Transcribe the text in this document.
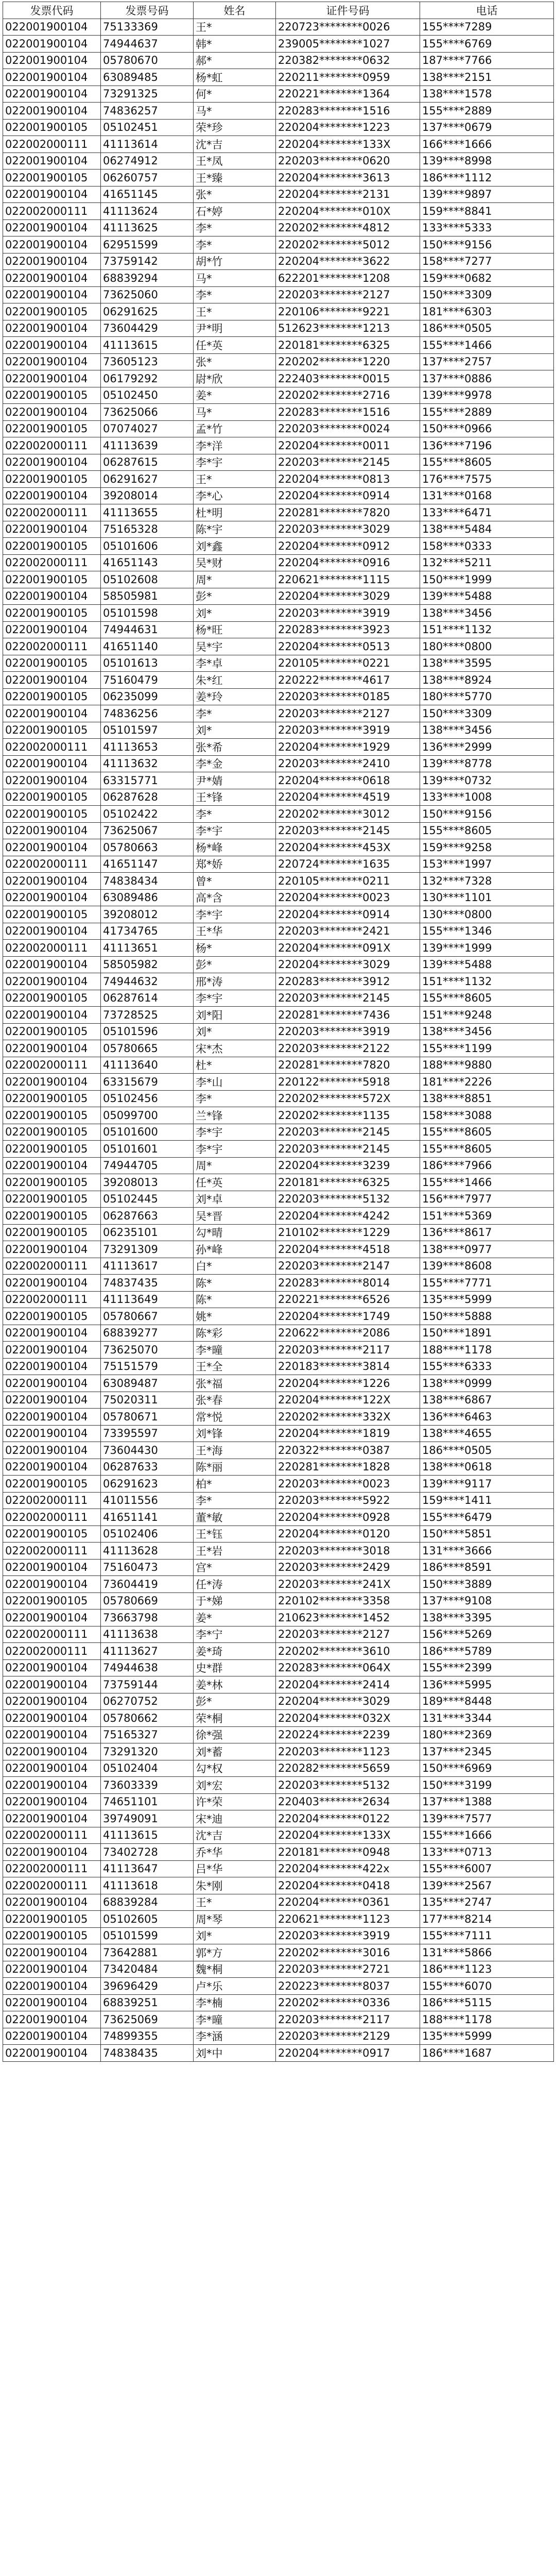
发票代码	发票号码	姓名	证件号码	电话
022001900104	75133369	王*	220723********0026	155****7289
022001900104	74944637	韩*	239005********1027	155****6769
022001900104	05780670	郝*	220382********0632	187****7766
022001900104	63089485	杨*虹	220211********0959	138****2151
022001900104	73291325	何*	220221********1364	138****1578
022001900104	74836257	马*	220283********1516	155****2889
022001900105	05102451	荣*珍	220204********1223	137****0679
022002000111	41113614	沈*吉	220204********133X	166****1666
022001900104	06274912	王*凤	220203********0620	139****8998
022001900105	06260757	王*臻	220204********3613	186****1112
022001900104	41651145	张*	220204********2131	139****9897
022002000111	41113624	石*婷	220204********010X	159****8841
022001900104	41113625	李*	220202********4812	133****5333
022001900104	62951599	李*	220202********5012	150****9156
022001900104	73759142	胡*竹	220204********3622	158****7277
022001900104	68839294	马*	622201********1208	159****0682
022001900104	73625060	李*	220203********2127	150****3309
022001900105	06291625	王*	220106********9221	181****6303
022001900104	73604429	尹*明	512623********1213	186****0505
022001900104	41113615	任*英	220181********6325	155****1466
022001900104	73605123	张*	220202********1220	137****2757
022001900104	06179292	尉*欣	222403********0015	137****0886
022001900105	05102450	姜*	220202********2716	139****9978
022001900104	73625066	马*	220283********1516	155****2889
022001900105	07074027	孟*竹	220203********0024	150****0966
022002000111	41113639	李*洋	220204********0011	136****7196
022001900104	06287615	李*宇	220203********2145	155****8605
022001900105	06291627	王*	220204********0813	176****7575
022001900104	39208014	李*心	220204********0914	131****0168
022002000111	41113655	杜*明	220281********7820	133****6471
022001900104	75165328	陈*宇	220203********3029	138****5484
022001900105	05101606	刘*鑫	220204********0912	158****0333
022002000111	41651143	吴*财	220204********0916	132****5211
022001900105	05102608	周*	220621********1115	150****1999
022001900104	58505981	彭*	220204********3029	139****5488
022001900105	05101598	刘*	220203********3919	138****3456
022001900104	74944631	杨*旺	220283********3923	151****1132
022002000111	41651140	吴*宇	220204********0513	180****0800
022001900105	05101613	李*卓	220105********0221	138****3595
022001900104	75160479	朱*红	220222********4617	138****8924
022001900105	06235099	姜*玲	220203********0185	180****5770
022001900104	74836256	李*	220203********2127	150****3309
022001900105	05101597	刘*	220203********3919	138****3456
022002000111	41113653	张*希	220204********1929	136****2999
022001900104	41113632	李*金	220203********2410	139****8778
022001900104	63315771	尹*婧	220204********0618	139****0732
022001900105	06287628	王*锋	220204********4519	133****1008
022001900105	05102422	李*	220202********3012	150****9156
022001900104	73625067	李*宇	220203********2145	155****8605
022001900104	05780663	杨*峰	220204********453X	159****9258
022002000111	41651147	郑*娇	220724********1635	153****1997
022001900104	74838434	曾*	220105********0211	132****7328
022001900104	63089486	高*含	220204********0023	130****1101
022001900105	39208012	李*宇	220204********0914	130****0800
022001900104	41734765	王*华	220203********2421	155****1346
022002000111	41113651	杨*	220204********091X	139****1999
022001900104	58505982	彭*	220204********3029	139****5488
022001900104	74944632	邢*涛	220283********3912	151****1132
022001900105	06287614	李*宇	220203********2145	155****8605
022001900104	73728525	刘*阳	220281********7436	151****9248
022001900105	05101596	刘*	220203********3919	138****3456
022001900104	05780665	宋*杰	220203********2122	155****1199
022002000111	41113640	杜*	220281********7820	188****9880
022001900104	63315679	李*山	220122********5918	181****2226
022001900105	05102456	李*	220202********572X	138****8851
022001900105	05099700	兰*锋	220202********1135	158****3088
022001900105	05101600	李*宇	220203********2145	155****8605
022001900105	05101601	李*宇	220203********2145	155****8605
022001900104	74944705	周*	220204********3239	186****7966
022001900105	39208013	任*英	220181********6325	155****1466
022001900105	05102445	刘*卓	220203********5132	156****7977
022001900105	06287663	吴*晋	220204********4242	151****5369
022001900105	06235101	勾*晴	210102********1229	136****8617
022001900104	73291309	孙*峰	220204********4518	138****0977
022002000111	41113617	白*	220203********2147	139****8608
022001900104	74837435	陈*	220283********8014	155****7771
022002000111	41113649	陈*	220221********6526	135****5999
022001900105	05780667	姚*	220204********1749	150****5888
022001900104	68839277	陈*彩	220622********2086	150****1891
022001900104	73625070	李*曈	220203********2117	188****1178
022001900104	75151579	王*全	220183********3814	155****6333
022001900104	63089487	张*福	220204********1226	138****0999
022001900104	75020311	张*春	220204********122X	138****6867
022001900104	05780671	常*悦	220202********332X	136****6463
022001900104	73395597	刘*锋	220204********1819	138****4655
022001900104	73604430	王*海	220322********0387	186****0505
022001900104	06287633	陈*丽	220281********1828	138****0618
022001900105	06291623	柏*	220203********0023	139****9117
022002000111	41011556	李*	220203********5922	159****1411
022002000111	41651141	董*敏	220204********0928	155****6479
022001900105	05102406	王*钰	220204********0120	150****5851
022002000111	41113628	王*岩	220203********3018	131****3666
022001900104	75160473	宫*	220203********2429	186****8591
022001900104	73604419	任*涛	220203********241X	150****3889
022001900105	05780669	于*娣	220102********3358	137****9108
022001900104	73663798	姜*	210623********1452	138****3395
022002000111	41113638	李*宁	220203********2127	156****5269
022002000111	41113627	姜*琦	220202********3610	186****5789
022001900104	74944638	史*群	220283********064X	155****2399
022001900104	73759144	姜*林	220204********2414	136****5995
022001900104	06270752	彭*	220204********3029	189****8448
022001900104	05780662	荣*桐	220204********032X	131****3344
022001900104	75165327	徐*强	220224********2239	180****2369
022001900104	73291320	刘*蓄	220203********1123	137****2345
022001900104	05102404	勾*权	220282********5659	150****6969
022001900104	73603339	刘*宏	220203********5132	150****3199
022001900104	74651101	许*荣	220403********2634	137****1388
022001900104	39749091	宋*迪	220204********0122	139****7577
022002000111	41113615	沈*吉	220204********133X	155****1666
022001900104	73402728	乔*华	220181********0948	133****0713
022002000111	41113647	吕*华	220204********422x	155****6007
022002000111	41113618	朱*刚	220204********0418	139****2567
022001900104	68839284	王*	220204********0361	135****2747
022001900105	05102605	周*琴	220621********1123	177****8214
022001900105	05101599	刘*	220203********3919	155****7111
022001900104	73642881	郭*方	220202********3016	131****5866
022001900104	73420484	魏*桐	220203********2721	186****1123
022001900104	39696429	卢*乐	220223********8037	155****6070
022001900104	68839251	李*楠	220202********0336	186****5115
022001900104	73625069	李*曈	220203********2117	188****1178
022001900104	74899355	李*涵	220203********2129	135****5999
022001900104	74838435	刘*中	220204********0917	186****1687
